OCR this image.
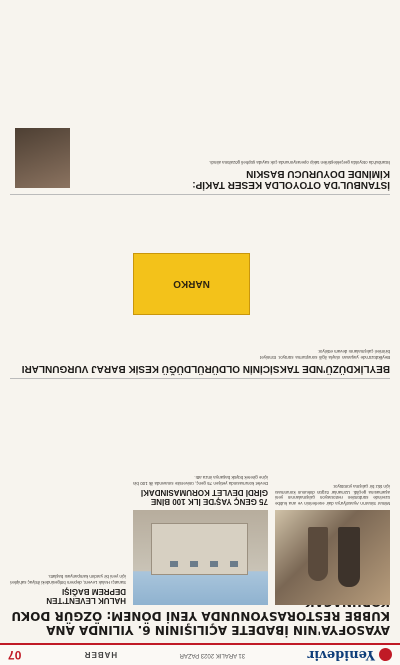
Yenidevir
31 ARALIK 2023 PAZAR
HABER
07
AYASOFYA'NIN İBADETE AÇILIŞININ 6. YILINDA ANA KUBBE RESTORASYONUNDA YENİ DÖNEM: ÖZGÜR DOKU
Mimar Sinan'ın Ayasofya'ya dair eserlerinin ve ana kubbe üzerinde sürdürülen restorasyon çalışmalarının yeni aşamasına geçildi. Uzmanlar özgün dokunun korunması için titiz bir çalışma yürütüyor.
75 GENÇ YAŞ'DE İLK 100 BİNE GİRDİ DEVLET KORUMASINDAKİ
Devlet korumasında yetişen 75 genç, üniversite sınavında ilk 100 bin içine girerek büyük başarıya imza attı.
HALUK LEVENT'TEN DEPREM BAĞIŞI
Sanatçı Haluk Levent, deprem bölgesindeki ihtiyaç sahipleri için yeni bir yardım kampanyası başlattı.
BEYLİKDÜZÜ'NDE TAKSİCİNİN OLDÜRÜLDÜĞÜ KESİK BARAJ VURGUNLARI
Beylikdüzü'nde yaşanan olayla ilgili soruşturma sürüyor. Emniyet birimleri çalışmalarını devam ettiriyor.
NARKO
İSTANBUL'DA OTOYOLDA KESER TAKİP: KİMİNDE DOYURUCU BASKIN
İstanbul'da otoyolda gerçekleştirilen takip operasyonunda çok sayıda şüpheli gözaltına alındı.
